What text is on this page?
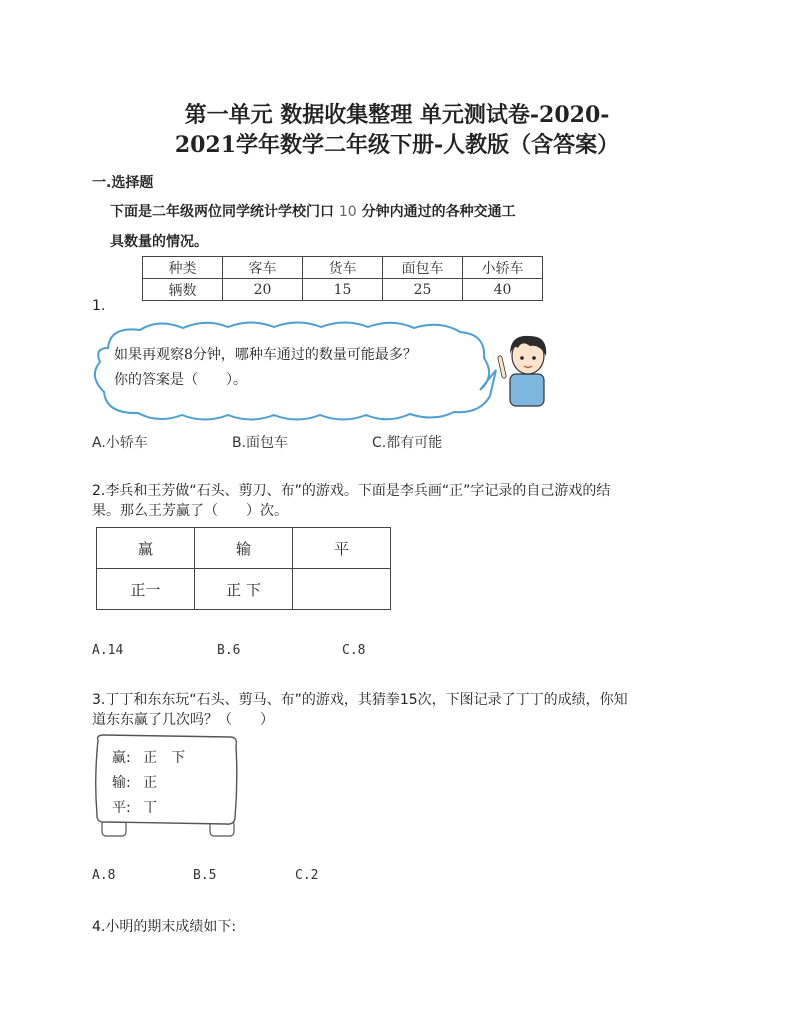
第一单元 数据收集整理 单元测试卷-2020-
2021学年数学二年级下册-人教版（含答案）
一.选择题
下面是二年级两位同学统计学校门口 10 分钟内通过的各种交通工
具数量的情况。
种类	客车	货车	面包车	小轿车
辆数	20	15	25	40
1.
如果再观察8分钟，哪种车通过的数量可能最多？
你的答案是（　　）。
A.小轿车	B.面包车	C.都有可能
2.李兵和王芳做“石头、剪刀、布”的游戏。下面是李兵画“正”字记录的自己游戏的结
果。那么王芳赢了（　　）次。
赢	输	平
正一	正 下	
A.14	B.6	C.8
3.丁丁和东东玩“石头、剪马、布”的游戏，其猜拳15次，下图记录了丁丁的成绩，你知
道东东赢了几次吗？（　　）
赢: 正　下
输: 正
平: 丅
A.8	B.5	C.2
4.小明的期末成绩如下:
